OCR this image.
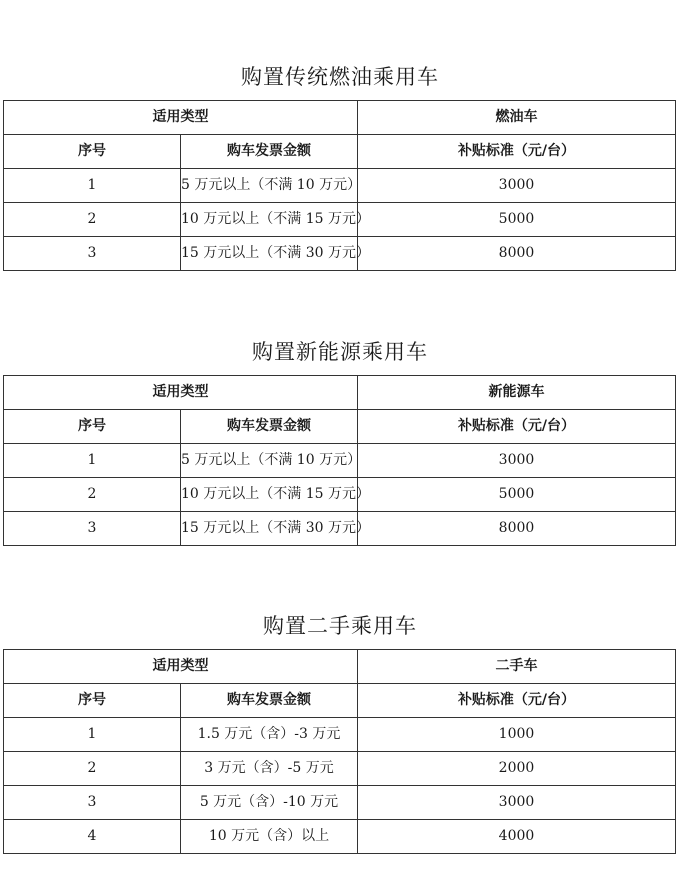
购置传统燃油乘用车
适用类型		燃油车
序号	购车发票金额	补贴标准（元/台）
1	5 万元以上（不满 10 万元）	3000
2	10 万元以上（不满 15 万元）	5000
3	15 万元以上（不满 30 万元）	8000
购置新能源乘用车
适用类型		新能源车
序号	购车发票金额	补贴标准（元/台）
1	5 万元以上（不满 10 万元）	3000
2	10 万元以上（不满 15 万元）	5000
3	15 万元以上（不满 30 万元）	8000
购置二手乘用车
适用类型		二手车
序号	购车发票金额	补贴标准（元/台）
1	1.5 万元（含）-3 万元	1000
2	3 万元（含）-5 万元	2000
3	5 万元（含）-10 万元	3000
4	10 万元（含）以上	4000
